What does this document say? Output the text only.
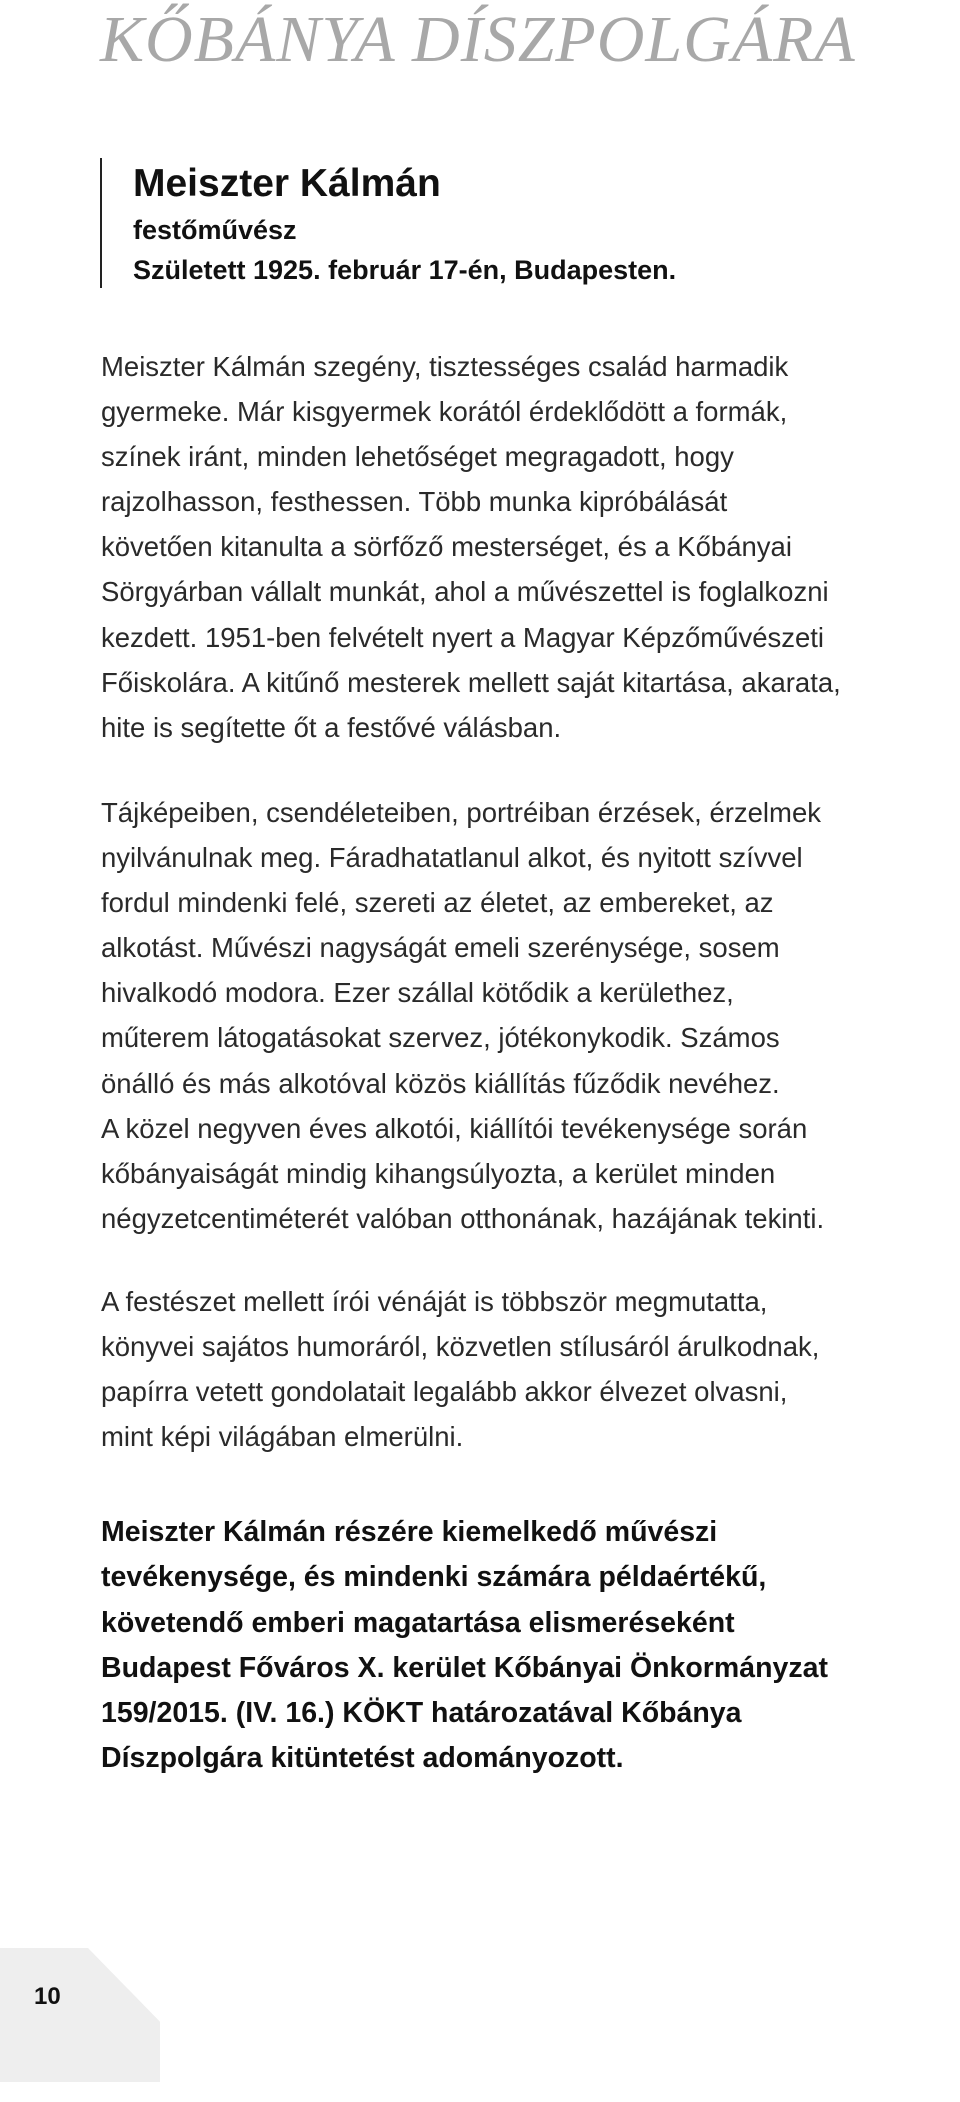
KŐBÁNYA DÍSZPOLGÁRA
Meiszter Kálmán

festőművész

Született 1925. február 17-én, Budapesten.

Meiszter Kálmán szegény, tisztességes család harmadik
gyermeke. Már kisgyermek korától érdeklődött a formák,
színek iránt, minden lehetőséget megragadott, hogy
rajzolhasson, festhessen. Több munka kipróbálását
követően kitanulta a sörfőző mesterséget, és a Kőbányai
Sörgyárban vállalt munkát, ahol a művészettel is foglalkozni
kezdett. 1951-ben felvételt nyert a Magyar Képzőművészeti
Főiskolára. A kitűnő mesterek mellett saját kitartása, akarata,
hite is segítette őt a festővé válásban.

Tájképeiben, csendéleteiben, portréiban érzések, érzelmek
nyilvánulnak meg. Fáradhatatlanul alkot, és nyitott szívvel
fordul mindenki felé, szereti az életet, az embereket, az
alkotást. Művészi nagyságát emeli szerénysége, sosem
hivalkodó modora. Ezer szállal kötődik a kerülethez,
műterem látogatásokat szervez, jótékonykodik. Számos
önálló és más alkotóval közös kiállítás fűződik nevéhez.
A közel negyven éves alkotói, kiállítói tevékenysége során
kőbányaiságát mindig kihangsúlyozta, a kerület minden
négyzetcentiméterét valóban otthonának, hazájának tekinti.

A festészet mellett írói vénáját is többször megmutatta,
könyvei sajátos humoráról, közvetlen stílusáról árulkodnak,
papírra vetett gondolatait legalább akkor élvezet olvasni,
mint képi világában elmerülni.

Meiszter Kálmán részére kiemelkedő művészi
tevékenysége, és mindenki számára példaértékű,
követendő emberi magatartása elismeréseként
Budapest Főváros X. kerület Kőbányai Önkormányzat
159/2015. (IV. 16.) KÖKT határozatával Kőbánya
Díszpolgára kitüntetést adományozott.

10
